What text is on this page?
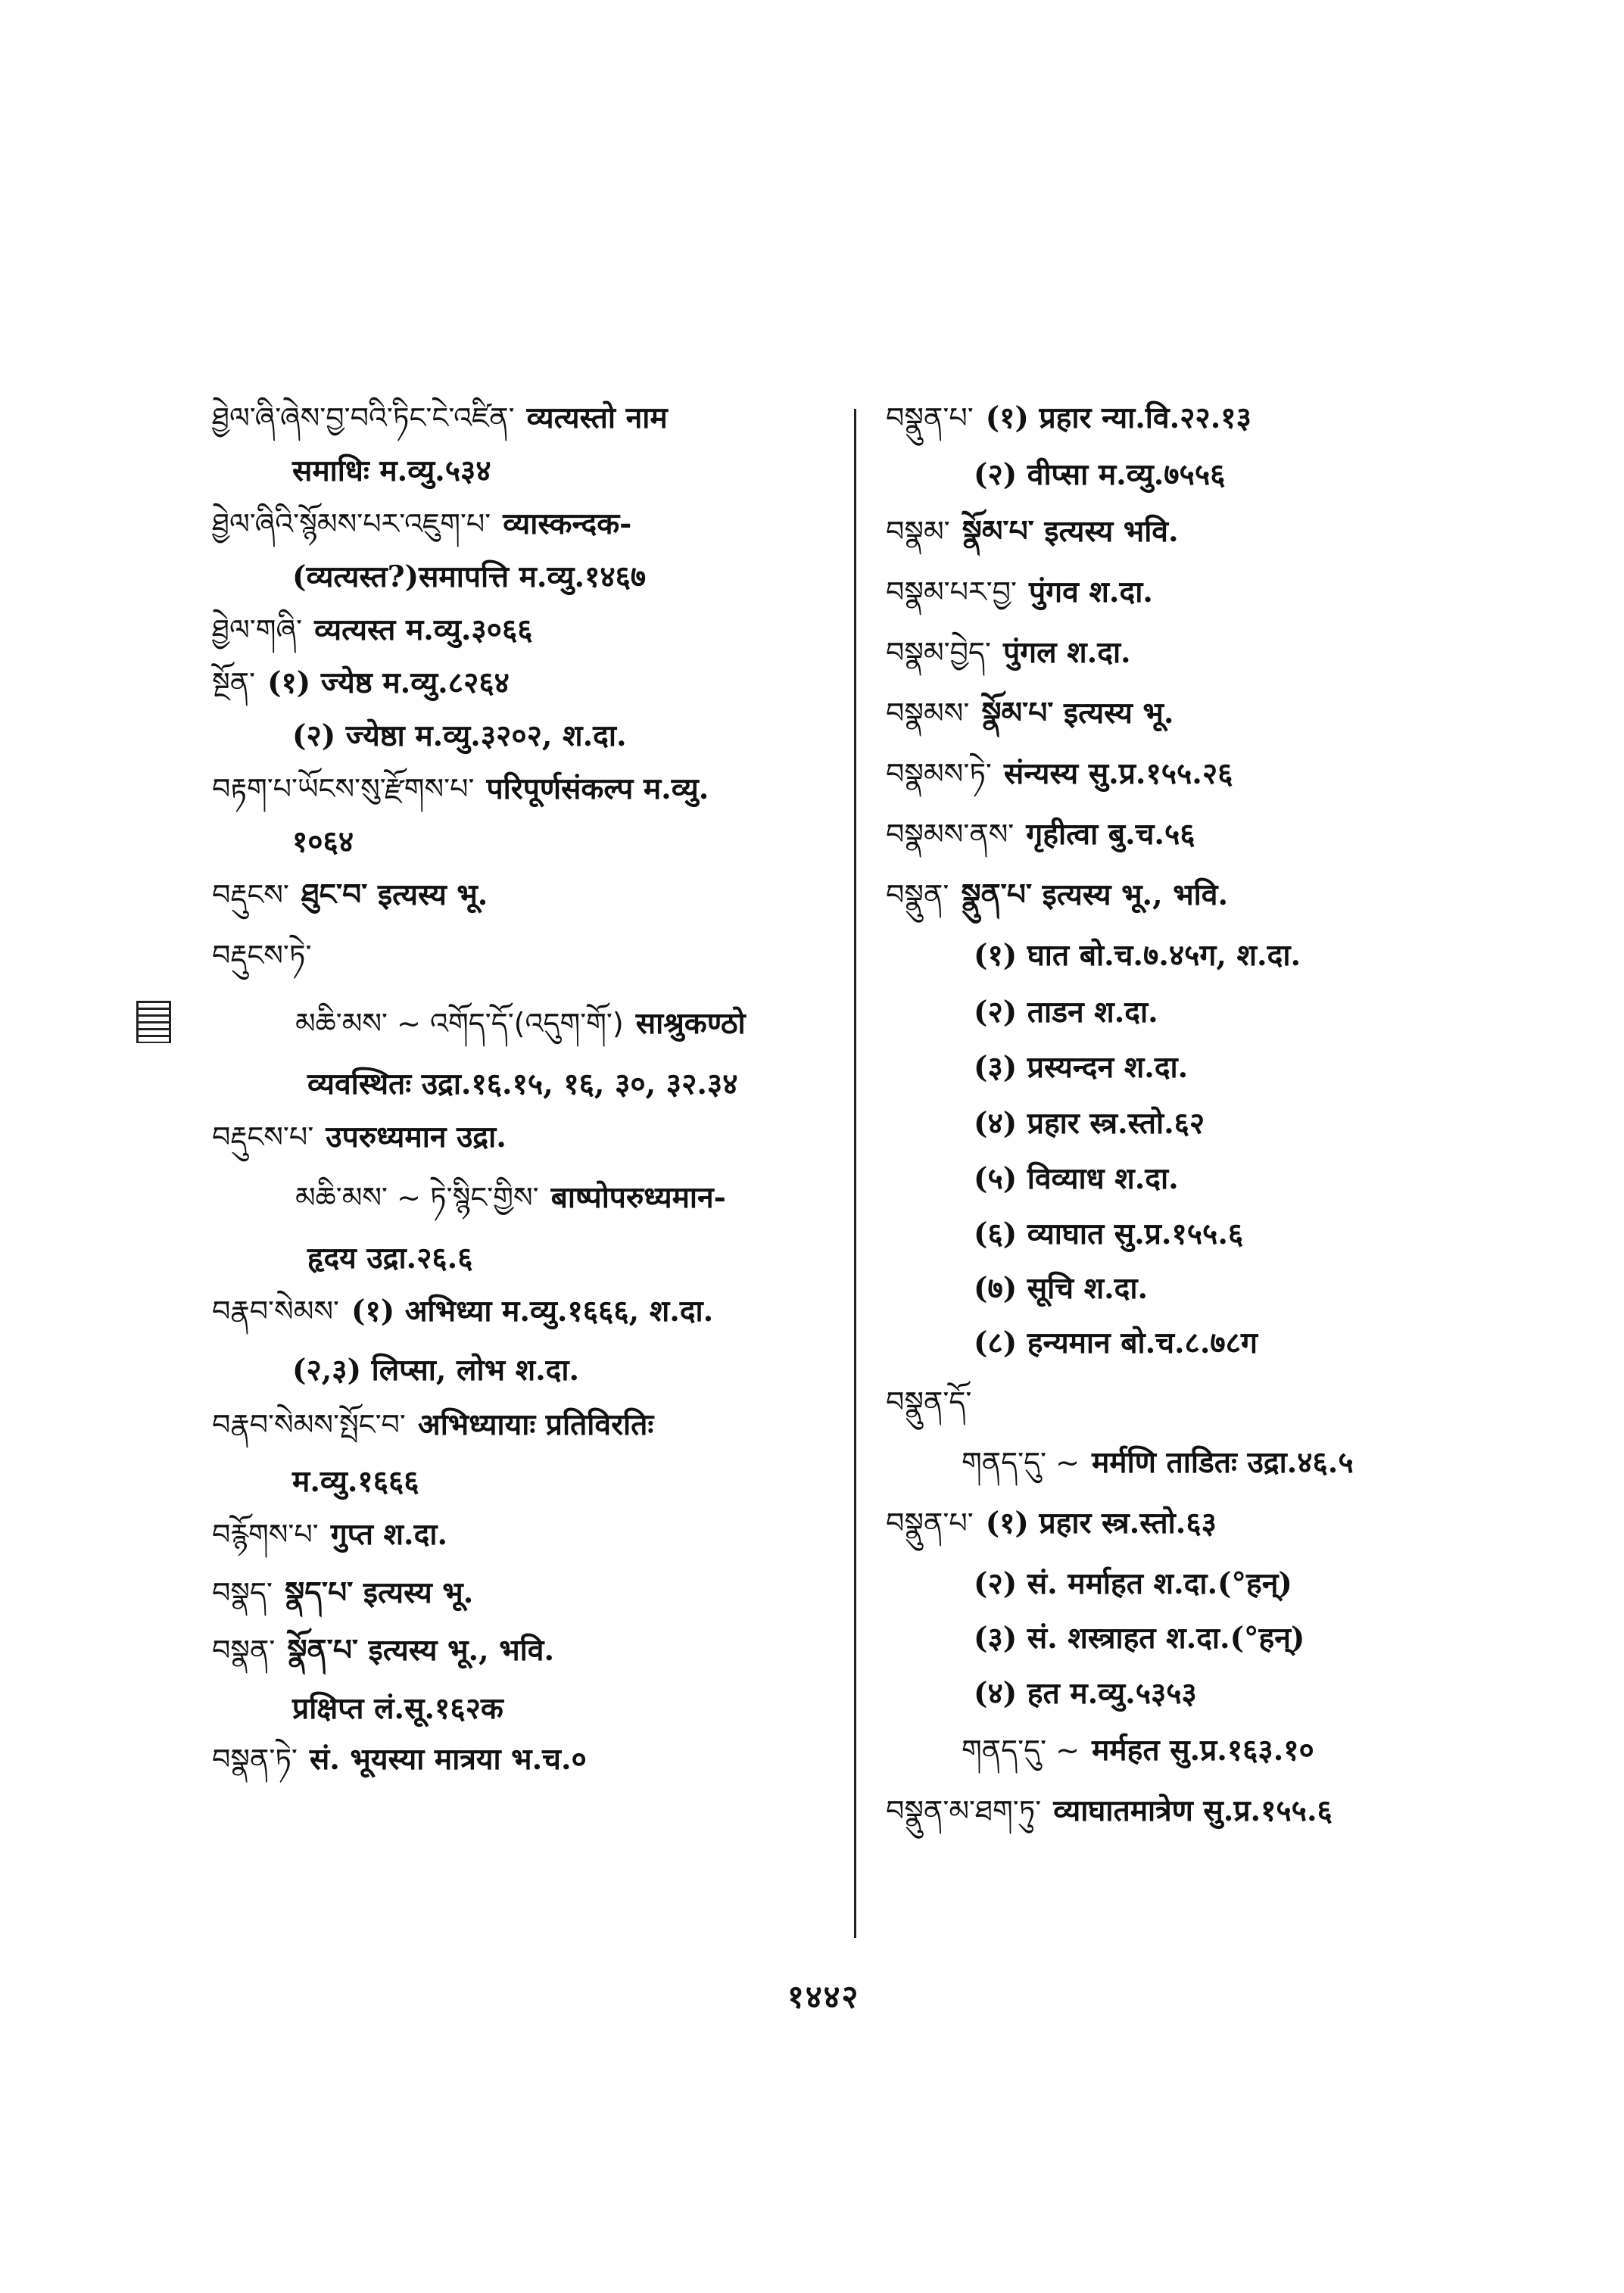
ཐྱེལ་ཞི་ཞེས་བྱ་བའི་ཏིང་ངེ་འཛིན་ व्यत्यस्तो नाम
समाधिः म.व्यु.५३४
ཐྱེལ་ཞིའི་སྙོམས་པར་འཇུག་པ་ व्यास्कन्दक-
(व्यत्यस्त?)समापत्ति म.व्यु.१४६७
ཐྱེལ་གཞི་ व्यत्यस्त म.व्यु.३०६६
སྔོན་ (१) ज्येष्ठ म.व्यु.८२६४
(२) ज्येष्ठा म.व्यु.३२०२, श.दा.
བརྟག་པ་ཡོངས་སུ་རྫོགས་པ་ परिपूर्णसंकल्प म.व्यु.
१०६४
བརྡུངས་ ཐུང་བ་ इत्यस्य भू.
བརྡུངས་ཏེ་
མཆི་མས་ ~ འགོད་དོ་(འདུག་གོ་) साश्रुकण्ठो
व्यवस्थितः उद्रा.१६.१५, १६, ३०, ३२.३४
བརྡུངས་པ་ उपरुध्यमान उद्रा.
མཆི་མས་ ~ ཏེ་སྙིང་གྱིས་ बाष्पोपरुध्यमान-
हृदय उद्रा.२६.६
བརྣབ་སེམས་ (१) अभिध्या म.व्यु.१६६६, श.दा.
(२,३) लिप्सा, लोभ श.दा.
བརྣབ་སེམས་སྤོང་བ་ अभिध्यायाः प्रतिविरतिः
म.व्यु.१६६६
བརྙོགས་པ་ गुप्त श.दा.
བསྣད་ སྣད་པ་ इत्यस्य भू.
བསྣན་ སྣོན་པ་ इत्यस्य भू., भवि.
प्रक्षिप्त लं.सू.१६२क
བསྣན་ཏེ་ सं. भूयस्या मात्रया भ.च.०
བསྣུན་པ་ (१) प्रहार न्या.वि.२२.१३
(२) वीप्सा म.व्यु.७५५६
བསྣམ་ སྣོམ་པ་ इत्यस्य भवि.
བསྣམ་པར་བྱ་ पुंगव श.दा.
བསྣམ་བྱེད་ पुंगल श.दा.
བསྣམས་ སྣོམ་པ་ इत्यस्य भू.
བསྣམས་ཏེ་ संन्यस्य सु.प्र.१५५.२६
བསྣམས་ནས་ गृहीत्वा बु.च.५६
བསྣུན་ སྣུན་པ་ इत्यस्य भू., भवि.
(१) घात बो.च.७.४५ग, श.दा.
(२) ताडन श.दा.
(३) प्रस्यन्दन श.दा.
(४) प्रहार स्त्र.स्तो.६२
(५) विव्याध श.दा.
(६) व्याघात सु.प्र.१५५.६
(७) सूचि श.दा.
(८) हन्यमान बो.च.८.७८ग
བསྣུན་དོ་
གནད་དུ་ ~ मर्मणि ताडितः उद्रा.४६.५
བསྣུན་པ་ (१) प्रहार स्त्र.स्तो.६३
(२) सं. मर्माहत श.दा.(°हन्)
(३) सं. शस्त्राहत श.दा.(°हन्)
(४) हत म.व्यु.५३५३
གནད་དུ་ ~ मर्महत सु.प्र.१६३.१०
བསྣུན་མ་ཐག་ཏུ་ व्याघातमात्रेण सु.प्र.१५५.६
१४४२
